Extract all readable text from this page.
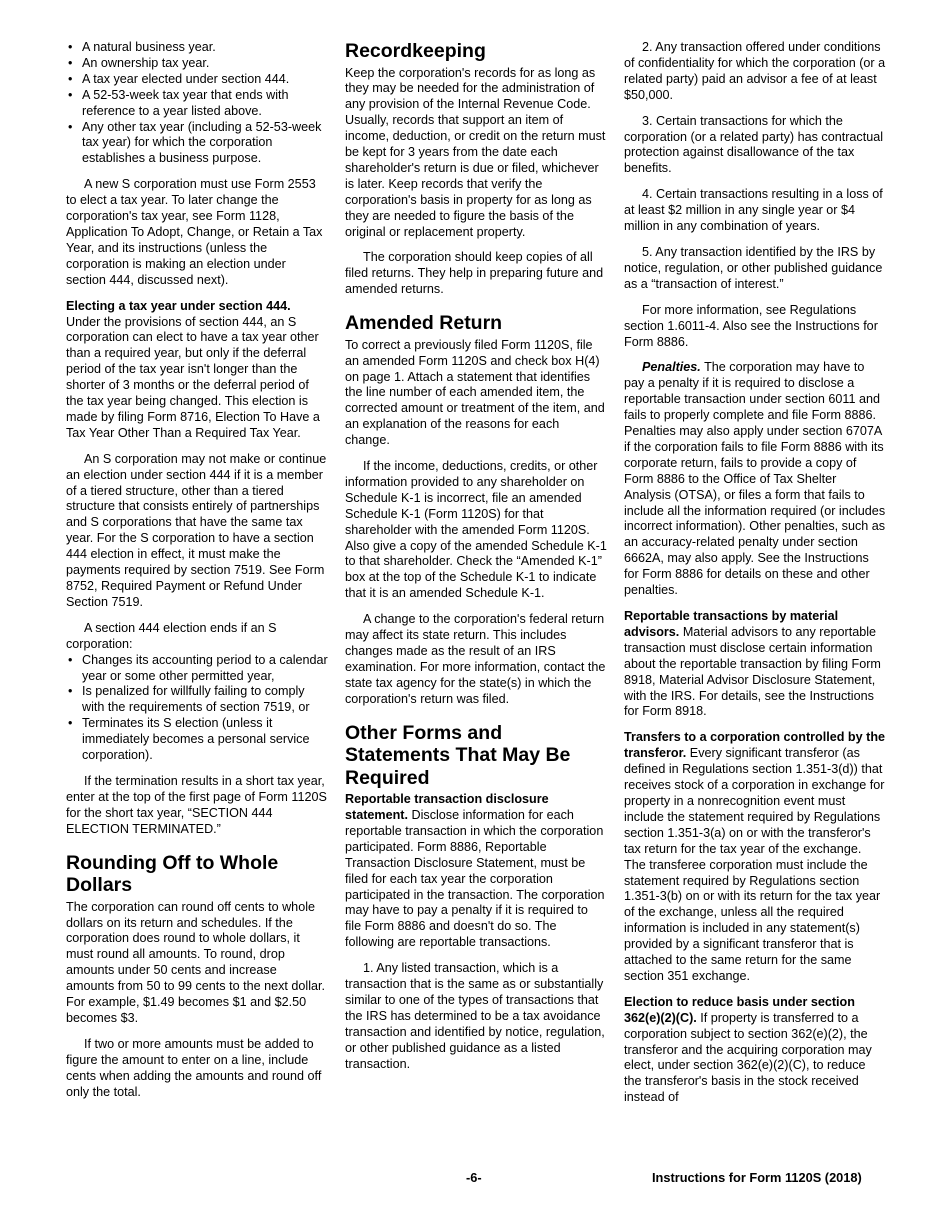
• A natural business year.

• An ownership tax year.

• A tax year elected under section 444.

• A 52-53-week tax year that ends with reference to a year listed above.

• Any other tax year (including a 52-53-week tax year) for which the corporation establishes a business purpose.

A new S corporation must use Form 2553 to elect a tax year. To later change the corporation's tax year, see Form 1128, Application To Adopt, Change, or Retain a Tax Year, and its instructions (unless the corporation is making an election under section 444, discussed next).

Electing a tax year under section 444. Under the provisions of section 444, an S corporation can elect to have a tax year other than a required year, but only if the deferral period of the tax year isn't longer than the shorter of 3 months or the deferral period of the tax year being changed. This election is made by filing Form 8716, Election To Have a Tax Year Other Than a Required Tax Year.

An S corporation may not make or continue an election under section 444 if it is a member of a tiered structure, other than a tiered structure that consists entirely of partnerships and S corporations that have the same tax year. For the S corporation to have a section 444 election in effect, it must make the payments required by section 7519. See Form 8752, Required Payment or Refund Under Section 7519.

A section 444 election ends if an S corporation:

• Changes its accounting period to a calendar year or some other permitted year,

• Is penalized for willfully failing to comply with the requirements of section 7519, or

• Terminates its S election (unless it immediately becomes a personal service corporation).

If the termination results in a short tax year, enter at the top of the first page of Form 1120S for the short tax year, “SECTION 444 ELECTION TERMINATED.”

Rounding Off to Whole Dollars

The corporation can round off cents to whole dollars on its return and schedules. If the corporation does round to whole dollars, it must round all amounts. To round, drop amounts under 50 cents and increase amounts from 50 to 99 cents to the next dollar. For example, $1.49 becomes $1 and $2.50 becomes $3.

If two or more amounts must be added to figure the amount to enter on a line, include cents when adding the amounts and round off only the total.

Recordkeeping

Keep the corporation's records for as long as they may be needed for the administration of any provision of the Internal Revenue Code. Usually, records that support an item of income, deduction, or credit on the return must be kept for 3 years from the date each shareholder's return is due or filed, whichever is later. Keep records that verify the corporation's basis in property for as long as they are needed to figure the basis of the original or replacement property.

The corporation should keep copies of all filed returns. They help in preparing future and amended returns.

Amended Return

To correct a previously filed Form 1120S, file an amended Form 1120S and check box H(4) on page 1. Attach a statement that identifies the line number of each amended item, the corrected amount or treatment of the item, and an explanation of the reasons for each change.

If the income, deductions, credits, or other information provided to any shareholder on Schedule K-1 is incorrect, file an amended Schedule K-1 (Form 1120S) for that shareholder with the amended Form 1120S. Also give a copy of the amended Schedule K-1 to that shareholder. Check the “Amended K-1” box at the top of the Schedule K-1 to indicate that it is an amended Schedule K-1.

A change to the corporation's federal return may affect its state return. This includes changes made as the result of an IRS examination. For more information, contact the state tax agency for the state(s) in which the corporation's return was filed.

Other Forms and Statements That May Be Required

Reportable transaction disclosure statement. Disclose information for each reportable transaction in which the corporation participated. Form 8886, Reportable Transaction Disclosure Statement, must be filed for each tax year the corporation participated in the transaction. The corporation may have to pay a penalty if it is required to file Form 8886 and doesn't do so. The following are reportable transactions.

1. Any listed transaction, which is a transaction that is the same as or substantially similar to one of the types of transactions that the IRS has determined to be a tax avoidance transaction and identified by notice, regulation, or other published guidance as a listed transaction.

2. Any transaction offered under conditions of confidentiality for which the corporation (or a related party) paid an advisor a fee of at least $50,000.

3. Certain transactions for which the corporation (or a related party) has contractual protection against disallowance of the tax benefits.

4. Certain transactions resulting in a loss of at least $2 million in any single year or $4 million in any combination of years.

5. Any transaction identified by the IRS by notice, regulation, or other published guidance as a “transaction of interest.”

For more information, see Regulations section 1.6011-4. Also see the Instructions for Form 8886.

Penalties. The corporation may have to pay a penalty if it is required to disclose a reportable transaction under section 6011 and fails to properly complete and file Form 8886. Penalties may also apply under section 6707A if the corporation fails to file Form 8886 with its corporate return, fails to provide a copy of Form 8886 to the Office of Tax Shelter Analysis (OTSA), or files a form that fails to include all the information required (or includes incorrect information). Other penalties, such as an accuracy-related penalty under section 6662A, may also apply. See the Instructions for Form 8886 for details on these and other penalties.

Reportable transactions by material advisors. Material advisors to any reportable transaction must disclose certain information about the reportable transaction by filing Form 8918, Material Advisor Disclosure Statement, with the IRS. For details, see the Instructions for Form 8918.

Transfers to a corporation controlled by the transferor. Every significant transferor (as defined in Regulations section 1.351-3(d)) that receives stock of a corporation in exchange for property in a nonrecognition event must include the statement required by Regulations section 1.351-3(a) on or with the transferor's tax return for the tax year of the exchange. The transferee corporation must include the statement required by Regulations section 1.351-3(b) on or with its return for the tax year of the exchange, unless all the required information is included in any statement(s) provided by a significant transferor that is attached to the same return for the same section 351 exchange.

Election to reduce basis under section 362(e)(2)(C). If property is transferred to a corporation subject to section 362(e)(2), the transferor and the acquiring corporation may elect, under section 362(e)(2)(C), to reduce the transferor's basis in the stock received instead of

-6-	Instructions for Form 1120S (2018)
